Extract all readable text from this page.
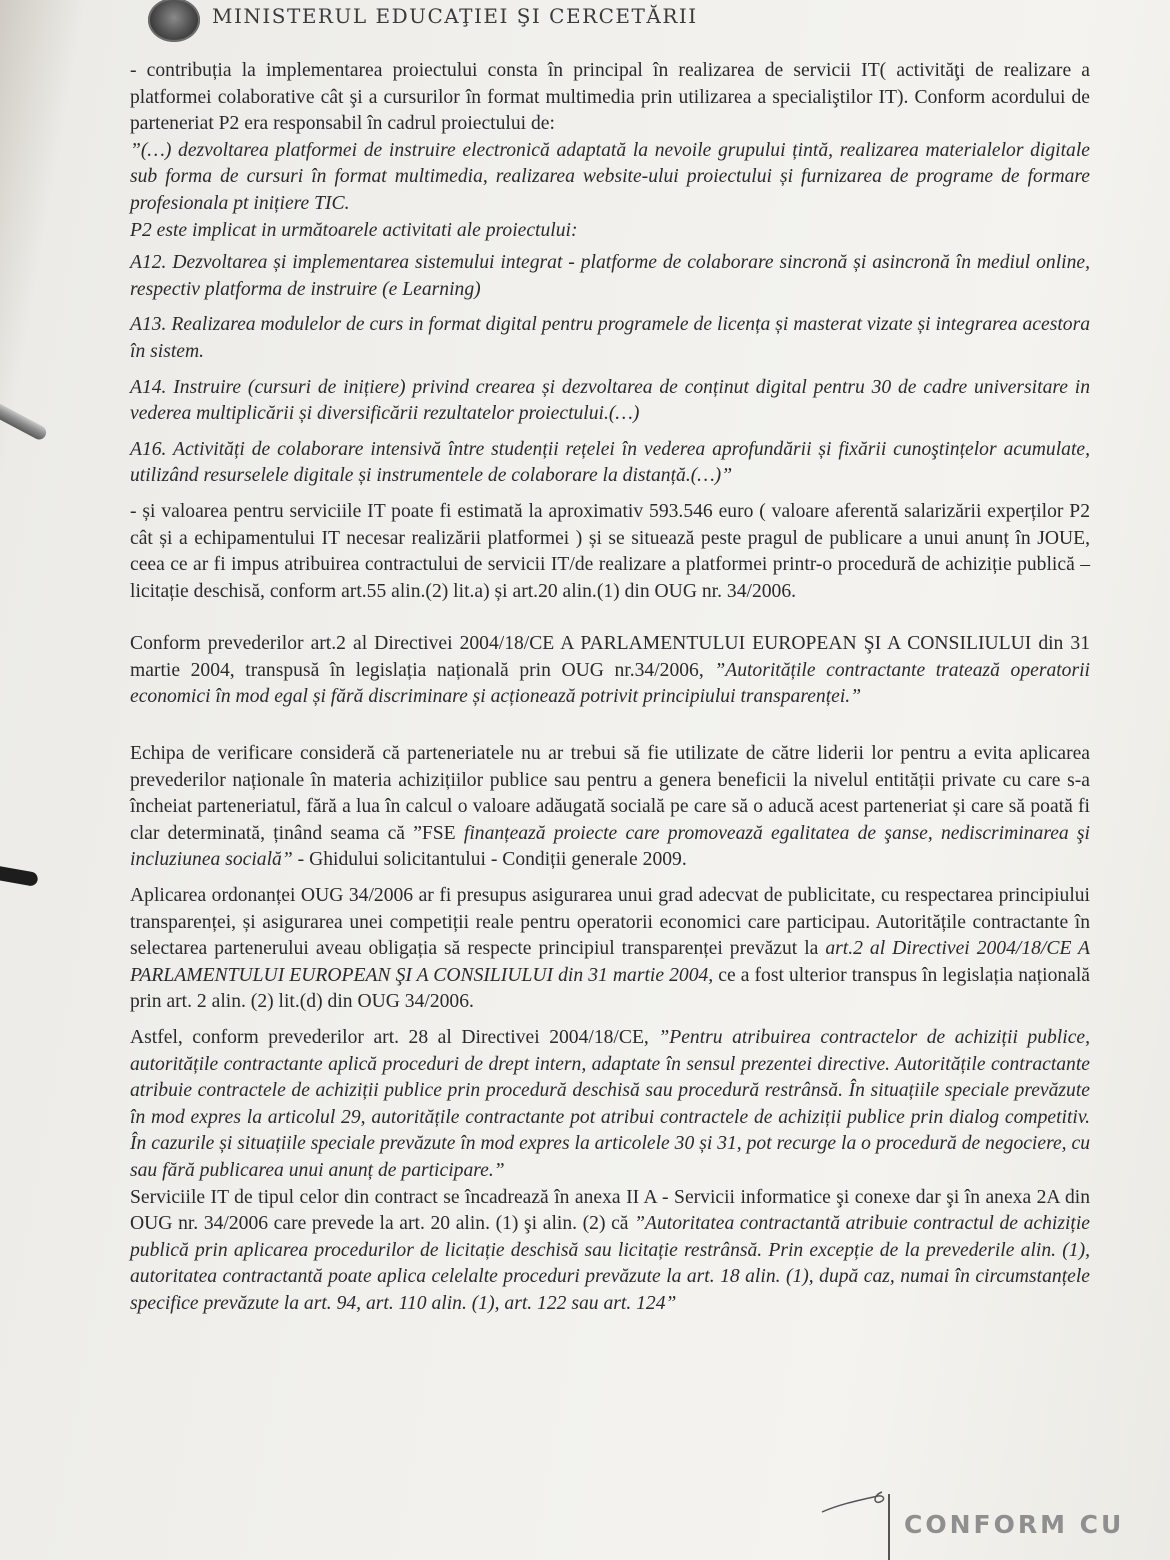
MINISTERUL EDUCAŢIEI ŞI CERCETĂRII

- contribuția la implementarea proiectului consta în principal în realizarea de servicii IT( activităţi de realizare a platformei colaborative cât şi a cursurilor în format multimedia prin utilizarea a specialiştilor IT). Conform acordului de parteneriat P2 era responsabil în cadrul proiectului de:

”(…) dezvoltarea platformei de instruire electronică adaptată la nevoile grupului țintă, realizarea materialelor digitale sub forma de cursuri în format multimedia, realizarea website-ului proiectului și furnizarea de programe de formare profesionala pt inițiere TIC.

P2 este implicat in următoarele activitati ale proiectului:

A12. Dezvoltarea și implementarea sistemului integrat - platforme de colaborare sincronă și asincronă în mediul online, respectiv platforma de instruire (e Learning)

A13. Realizarea modulelor de curs in format digital pentru programele de licența și masterat vizate și integrarea acestora în sistem.

A14. Instruire (cursuri de inițiere) privind crearea și dezvoltarea de conținut digital pentru 30 de cadre universitare in vederea multiplicării și diversificării rezultatelor proiectului.(…)

A16. Activități de colaborare intensivă între studenții rețelei în vederea aprofundării și fixării cunoştințelor acumulate, utilizând resurselele digitale și instrumentele de colaborare la distanță.(…)”

- și valoarea pentru serviciile IT poate fi estimată la aproximativ 593.546 euro ( valoare aferentă salarizării experților P2 cât și a echipamentului IT necesar realizării platformei ) și se situează peste pragul de publicare a unui anunț în JOUE, ceea ce ar fi impus atribuirea contractului de servicii IT/de realizare a platformei printr-o procedură de achiziție publică – licitație deschisă, conform art.55 alin.(2) lit.a) și art.20 alin.(1) din OUG nr. 34/2006.

Conform prevederilor art.2 al Directivei 2004/18/CE A PARLAMENTULUI EUROPEAN ŞI A CONSILIULUI din 31 martie 2004, transpusă în legislația națională prin OUG nr.34/2006, ”Autoritățile contractante tratează operatorii economici în mod egal și fără discriminare și acționează potrivit principiului transparenței.”

Echipa de verificare consideră că parteneriatele nu ar trebui să fie utilizate de către liderii lor pentru a evita aplicarea prevederilor naționale în materia achizițiilor publice sau pentru a genera beneficii la nivelul entității private cu care s-a încheiat parteneriatul, fără a lua în calcul o valoare adăugată socială pe care să o aducă acest parteneriat și care să poată fi clar determinată, ținând seama că ”FSE finanțează proiecte care promovează egalitatea de şanse, nediscriminarea şi incluziunea socială” - Ghidului solicitantului - Condiții generale 2009.

Aplicarea ordonanței OUG 34/2006 ar fi presupus asigurarea unui grad adecvat de publicitate, cu respectarea principiului transparenței, și asigurarea unei competiții reale pentru operatorii economici care participau. Autoritățile contractante în selectarea partenerului aveau obligația să respecte principiul transparenței prevăzut la art.2 al Directivei 2004/18/CE A PARLAMENTULUI EUROPEAN ŞI A CONSILIULUI din 31 martie 2004, ce a fost ulterior transpus în legislația națională prin art. 2 alin. (2) lit.(d) din OUG 34/2006.

Astfel, conform prevederilor art. 28 al Directivei 2004/18/CE, ”Pentru atribuirea contractelor de achiziții publice, autoritățile contractante aplică proceduri de drept intern, adaptate în sensul prezentei directive. Autoritățile contractante atribuie contractele de achiziții publice prin procedură deschisă sau procedură restrânsă. În situațiile speciale prevăzute în mod expres la articolul 29, autoritățile contractante pot atribui contractele de achiziții publice prin dialog competitiv. În cazurile și situațiile speciale prevăzute în mod expres la articolele 30 și 31, pot recurge la o procedură de negociere, cu sau fără publicarea unui anunț de participare.”

Serviciile IT de tipul celor din contract se încadrează în anexa II A - Servicii informatice şi conexe dar şi în anexa 2A din OUG nr. 34/2006 care prevede la art. 20 alin. (1) şi alin. (2) că ”Autoritatea contractantă atribuie contractul de achiziție publică prin aplicarea procedurilor de licitație deschisă sau licitație restrânsă. Prin excepție de la prevederile alin. (1), autoritatea contractantă poate aplica celelalte proceduri prevăzute la art. 18 alin. (1), după caz, numai în circumstanțele specifice prevăzute la art. 94, art. 110 alin. (1), art. 122 sau art. 124”

CONFORM CU
